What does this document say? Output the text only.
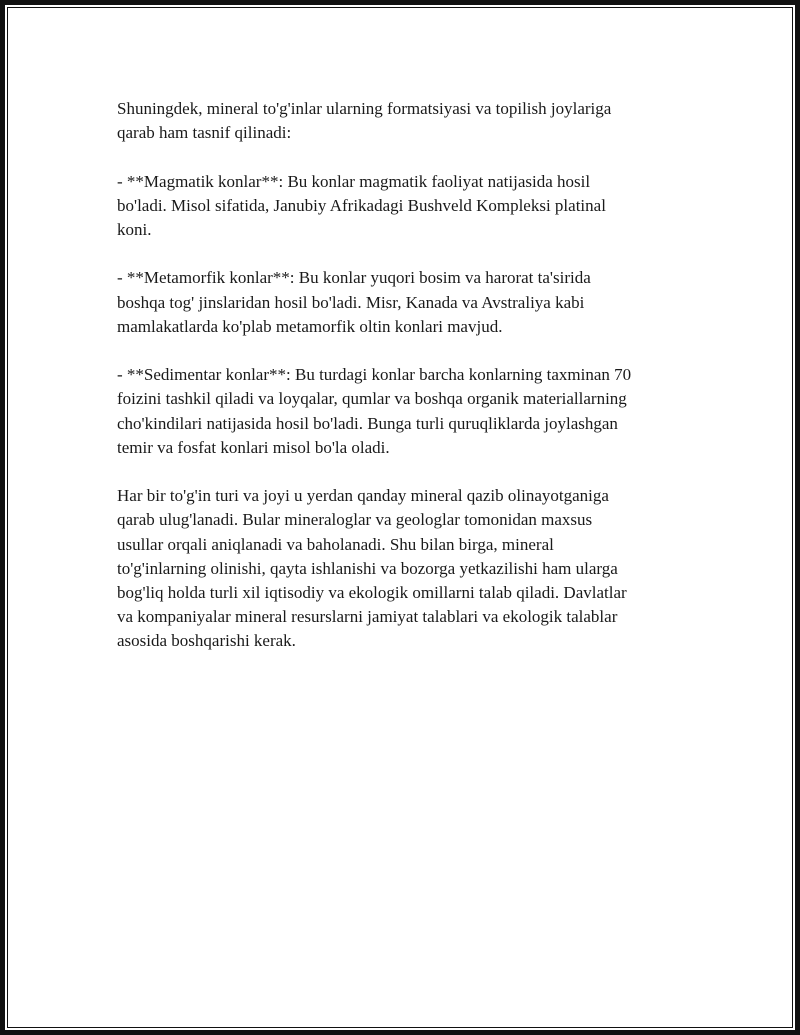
Shuningdek, mineral to'g'inlar ularning formatsiyasi va topilish joylariga
qarab ham tasnif qilinadi:

- **Magmatik konlar**: Bu konlar magmatik faoliyat natijasida hosil
bo'ladi. Misol sifatida, Janubiy Afrikadagi Bushveld Kompleksi platinal
koni.

- **Metamorfik konlar**: Bu konlar yuqori bosim va harorat ta'sirida
boshqa tog' jinslaridan hosil bo'ladi. Misr, Kanada va Avstraliya kabi
mamlakatlarda ko'plab metamorfik oltin konlari mavjud.

- **Sedimentar konlar**: Bu turdagi konlar barcha konlarning taxminan 70
foizini tashkil qiladi va loyqalar, qumlar va boshqa organik materiallarning
cho'kindilari natijasida hosil bo'ladi. Bunga turli quruqliklarda joylashgan
temir va fosfat konlari misol bo'la oladi.

Har bir to'g'in turi va joyi u yerdan qanday mineral qazib olinayotganiga
qarab ulug'lanadi. Bular mineraloglar va geologlar tomonidan maxsus
usullar orqali aniqlanadi va baholanadi. Shu bilan birga, mineral
to'g'inlarning olinishi, qayta ishlanishi va bozorga yetkazilishi ham ularga
bog'liq holda turli xil iqtisodiy va ekologik omillarni talab qiladi. Davlatlar
va kompaniyalar mineral resurslarni jamiyat talablari va ekologik talablar
asosida boshqarishi kerak.
